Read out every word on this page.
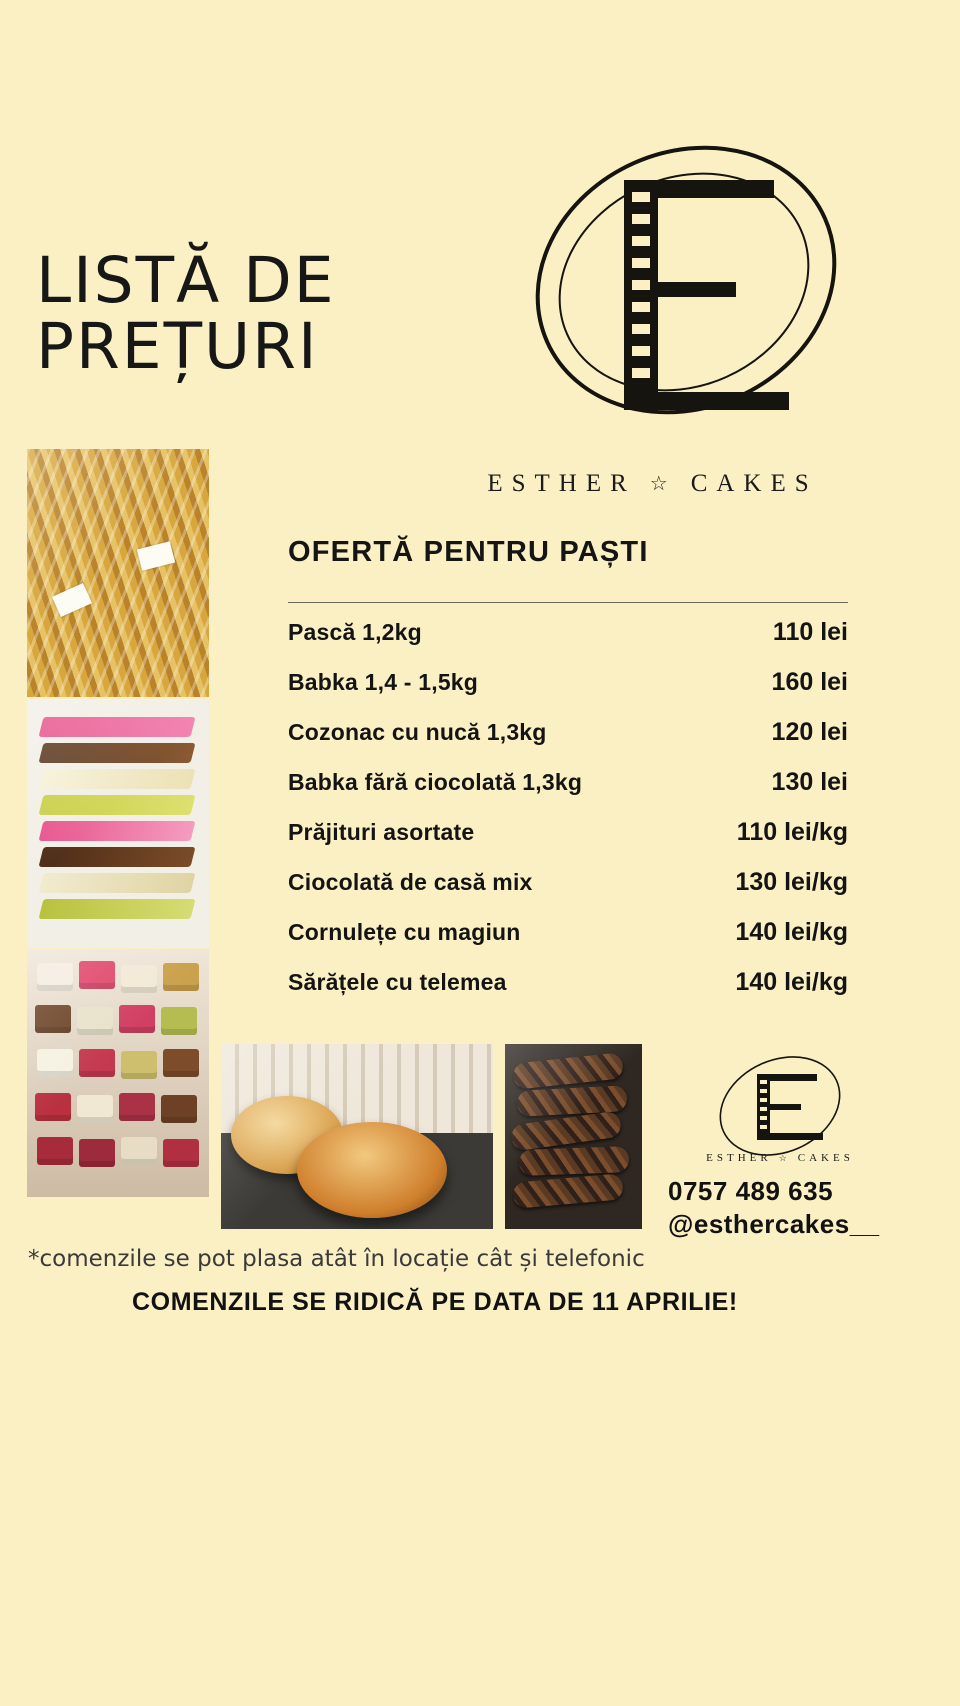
LISTĂ DE
PREȚURI
ESTHER ☆ CAKES
OFERTĂ PENTRU PAȘTI
Pască 1,2kg	110 lei
Babka 1,4 - 1,5kg	160 lei
Cozonac cu nucă 1,3kg	120 lei
Babka fără ciocolată 1,3kg	130 lei
Prăjituri asortate	110 lei/kg
Ciocolată de casă mix	130 lei/kg
Cornulețe cu magiun	140 lei/kg
Sărățele cu telemea	140 lei/kg
ESTHER ☆ CAKES
0757 489 635
@esthercakes__
*comenzile se pot plasa atât în locație cât și telefonic
COMENZILE SE RIDICĂ PE DATA DE 11 APRILIE!
